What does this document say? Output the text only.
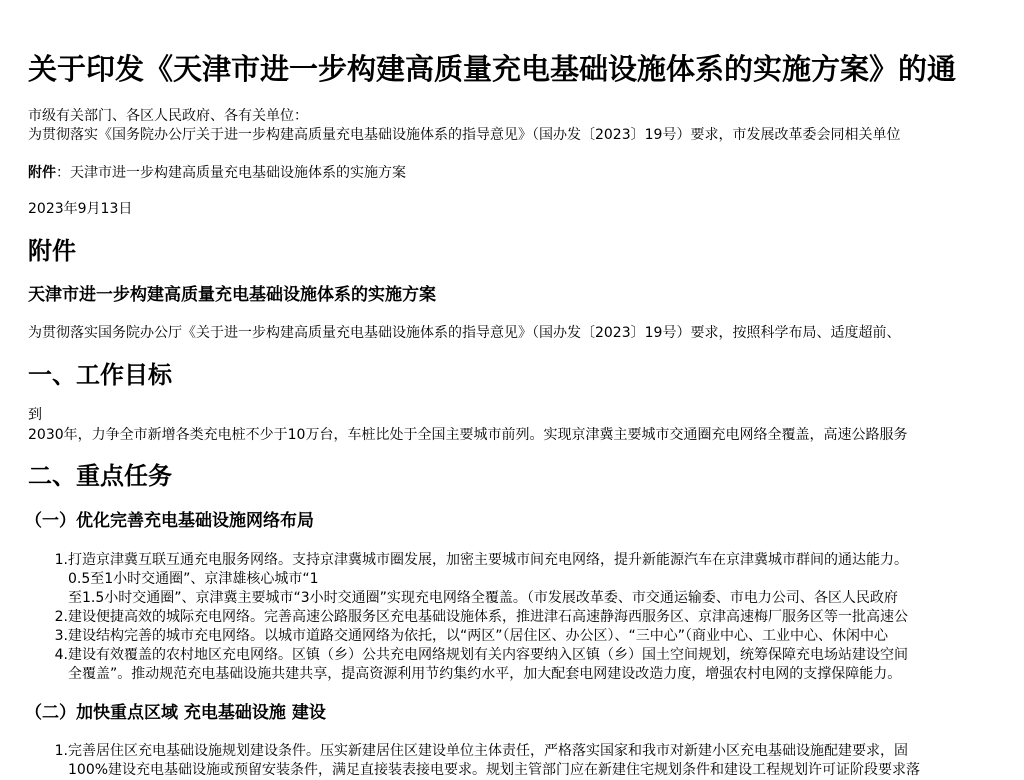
关于印发《天津市进一步构建高质量充电基础设施体系的实施方案》的通
市级有关部门、各区人民政府、各有关单位：
为贯彻落实《国务院办公厅关于进一步构建高质量充电基础设施体系的指导意见》（国办发〔2023〕19号）要求，市发展改革委会同相关单位
附件：天津市进一步构建高质量充电基础设施体系的实施方案
2023年9月13日
附件
天津市进一步构建高质量充电基础设施体系的实施方案
为贯彻落实国务院办公厅《关于进一步构建高质量充电基础设施体系的指导意见》（国办发〔2023〕19号）要求，按照科学布局、适度超前、
一、工作目标
到
2030年，力争全市新增各类充电桩不少于10万台，车桩比处于全国主要城市前列。实现京津冀主要城市交通圈充电网络全覆盖，高速公路服务
二、重点任务
（一）优化完善充电基础设施网络布局
1. 打造京津冀互联互通充电服务网络。支持京津冀城市圈发展，加密主要城市间充电网络，提升新能源汽车在京津冀城市群间的通达能力。
0.5至1小时交通圈”、京津雄核心城市“1
至1.5小时交通圈”、京津冀主要城市“3小时交通圈”实现充电网络全覆盖。（市发展改革委、市交通运输委、市电力公司、各区人民政府
2. 建设便捷高效的城际充电网络。完善高速公路服务区充电基础设施体系，推进津石高速静海西服务区、京津高速梅厂服务区等一批高速公
3. 建设结构完善的城市充电网络。以城市道路交通网络为依托，以“两区”（居住区、办公区）、“三中心”（商业中心、工业中心、休闲中心
4. 建设有效覆盖的农村地区充电网络。区镇（乡）公共充电网络规划有关内容要纳入区镇（乡）国土空间规划，统筹保障充电场站建设空间
全覆盖”。推动规范充电基础设施共建共享，提高资源利用节约集约水平，加大配套电网建设改造力度，增强农村电网的支撑保障能力。
（二）加快重点区域 充电基础设施 建设
1. 完善居住区充电基础设施规划建设条件。压实新建居住区建设单位主体责任，严格落实国家和我市对新建小区充电基础设施配建要求，固
100%建设充电基础设施或预留安装条件，满足直接装表接电要求。规划主管部门应在新建住宅规划条件和建设工程规划许可证阶段要求落
